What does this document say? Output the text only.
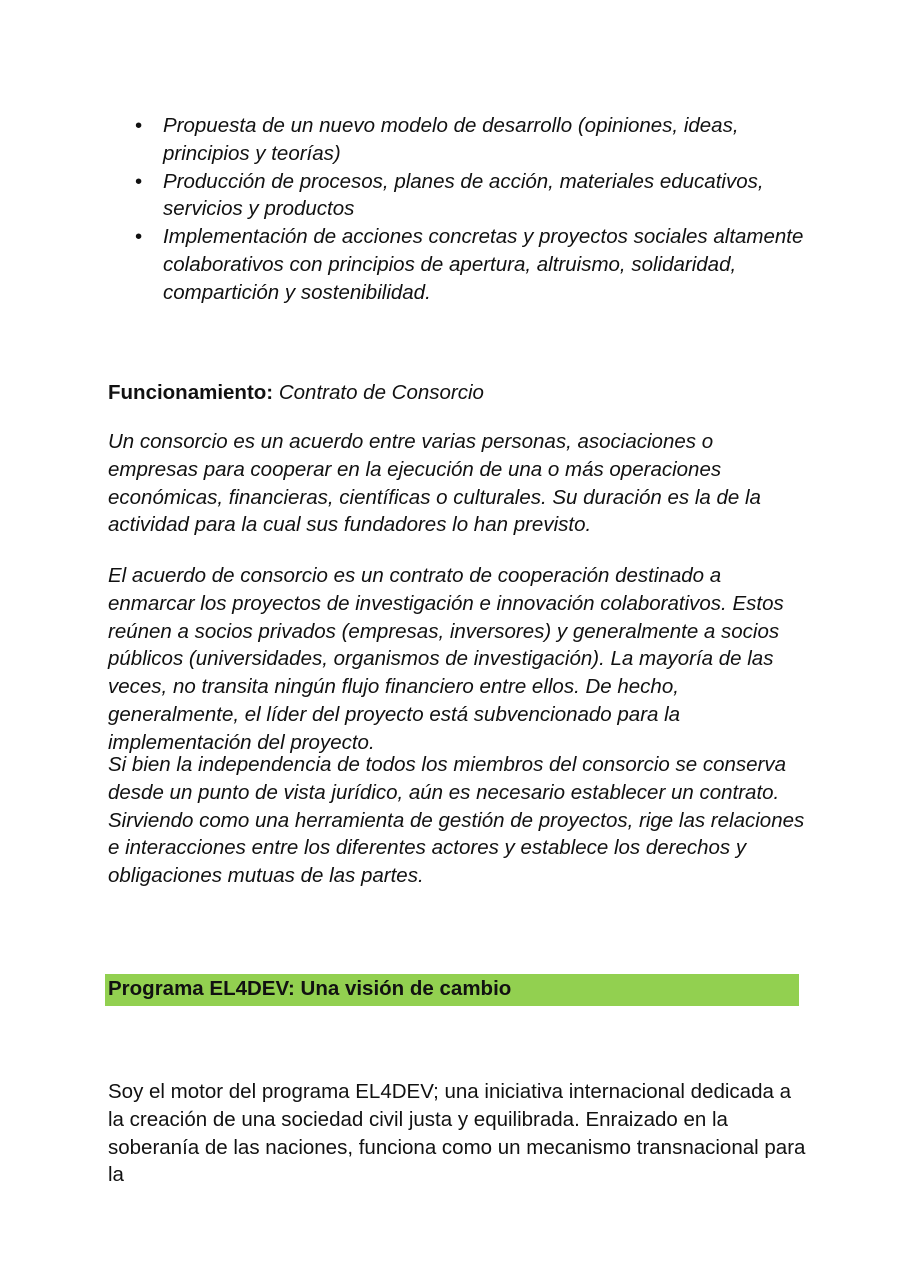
• Propuesta de un nuevo modelo de desarrollo (opiniones, ideas, principios y teorías)
• Producción de procesos, planes de acción, materiales educativos, servicios y productos
• Implementación de acciones concretas y proyectos sociales altamente colaborativos con principios de apertura, altruismo, solidaridad, compartición y sostenibilidad.
Funcionamiento: Contrato de Consorcio
Un consorcio es un acuerdo entre varias personas, asociaciones o empresas para cooperar en la ejecución de una o más operaciones económicas, financieras, científicas o culturales. Su duración es la de la actividad para la cual sus fundadores lo han previsto.
El acuerdo de consorcio es un contrato de cooperación destinado a enmarcar los proyectos de investigación e innovación colaborativos. Estos reúnen a socios privados (empresas, inversores) y generalmente a socios públicos (universidades, organismos de investigación). La mayoría de las veces, no transita ningún flujo financiero entre ellos. De hecho, generalmente, el líder del proyecto está subvencionado para la implementación del proyecto.
Si bien la independencia de todos los miembros del consorcio se conserva desde un punto de vista jurídico, aún es necesario establecer un contrato. Sirviendo como una herramienta de gestión de proyectos, rige las relaciones e interacciones entre los diferentes actores y establece los derechos y obligaciones mutuas de las partes.
Programa EL4DEV: Una visión de cambio
Soy el motor del programa EL4DEV; una iniciativa internacional dedicada a la creación de una sociedad civil justa y equilibrada. Enraizado en la soberanía de las naciones, funciona como un mecanismo transnacional para la
